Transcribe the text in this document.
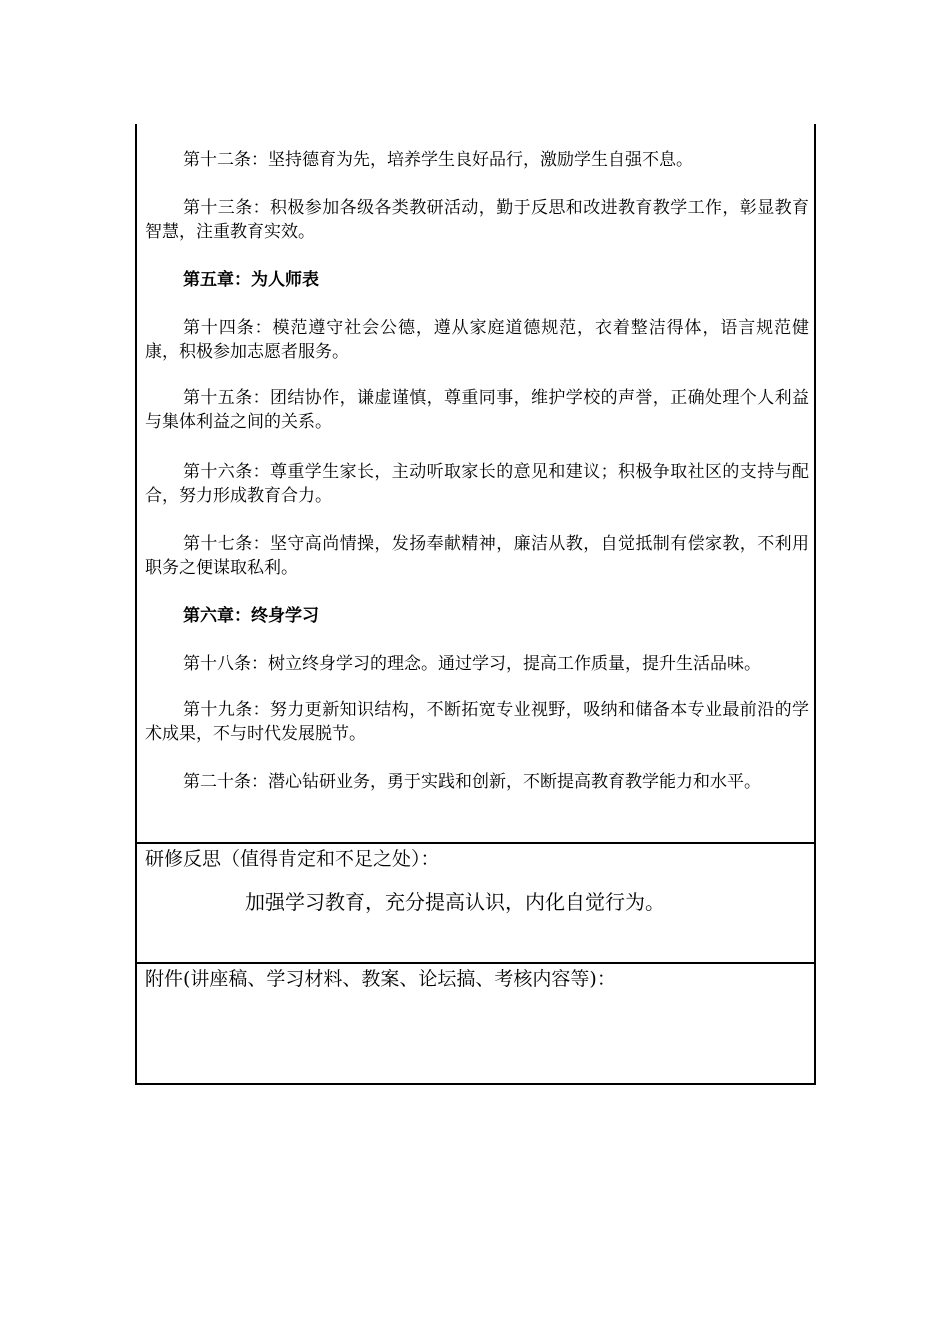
第十二条：坚持德育为先，培养学生良好品行，激励学生自强不息。

第十三条：积极参加各级各类教研活动，勤于反思和改进教育教学工作，彰显教育智慧，注重教育实效。

第五章：为人师表

第十四条：模范遵守社会公德，遵从家庭道德规范，衣着整洁得体，语言规范健康，积极参加志愿者服务。

第十五条：团结协作，谦虚谨慎，尊重同事，维护学校的声誉，正确处理个人利益与集体利益之间的关系。

第十六条：尊重学生家长，主动听取家长的意见和建议；积极争取社区的支持与配合，努力形成教育合力。

第十七条：坚守高尚情操，发扬奉献精神，廉洁从教，自觉抵制有偿家教，不利用职务之便谋取私利。

第六章：终身学习

第十八条：树立终身学习的理念。通过学习，提高工作质量，提升生活品味。

第十九条：努力更新知识结构，不断拓宽专业视野，吸纳和储备本专业最前沿的学术成果，不与时代发展脱节。

第二十条：潜心钻研业务，勇于实践和创新，不断提高教育教学能力和水平。

研修反思（值得肯定和不足之处）：

加强学习教育，充分提高认识，内化自觉行为。

附件(讲座稿、学习材料、教案、论坛搞、考核内容等)：
